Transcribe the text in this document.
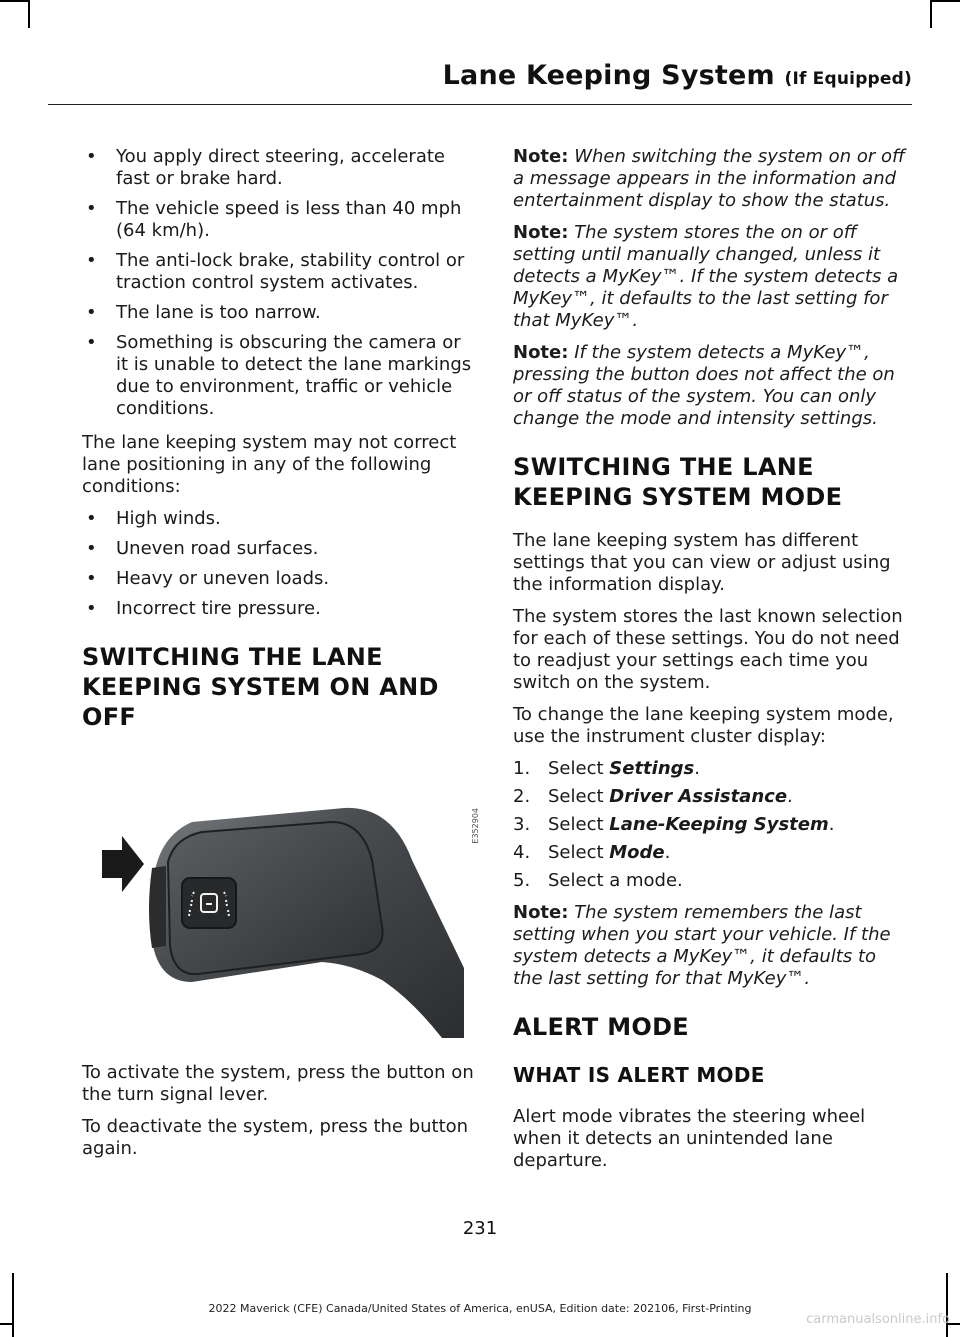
Lane Keeping System (If Equipped)
• You apply direct steering, accelerate fast or brake hard.
• The vehicle speed is less than 40 mph (64 km/h).
• The anti-lock brake, stability control or traction control system activates.
• The lane is too narrow.
• Something is obscuring the camera or it is unable to detect the lane markings due to environment, traffic or vehicle conditions.

The lane keeping system may not correct lane positioning in any of the following conditions:

• High winds.
• Uneven road surfaces.
• Heavy or uneven loads.
• Incorrect tire pressure.
SWITCHING THE LANE
KEEPING SYSTEM ON AND
OFF
E352904

To activate the system, press the button on the turn signal lever.

To deactivate the system, press the button again.

Note: When switching the system on or off a message appears in the information and entertainment display to show the status.

Note: The system stores the on or off setting until manually changed, unless it detects a MyKey™. If the system detects a MyKey™, it defaults to the last setting for that MyKey™.

Note: If the system detects a MyKey™, pressing the button does not affect the on or off status of the system. You can only change the mode and intensity settings.

SWITCHING THE LANE
KEEPING SYSTEM MODE

The lane keeping system has different settings that you can view or adjust using the information display.

The system stores the last known selection for each of these settings. You do not need to readjust your settings each time you switch on the system.

To change the lane keeping system mode, use the instrument cluster display:

1. Select Settings.
2. Select Driver Assistance.
3. Select Lane-Keeping System.
4. Select Mode.
5. Select a mode.

Note: The system remembers the last setting when you start your vehicle. If the system detects a MyKey™, it defaults to the last setting for that MyKey™.

ALERT MODE
WHAT IS ALERT MODE

Alert mode vibrates the steering wheel when it detects an unintended lane departure.

231
2022 Maverick (CFE) Canada/United States of America, enUSA, Edition date: 202106, First-Printing
carmanualsonline.info
